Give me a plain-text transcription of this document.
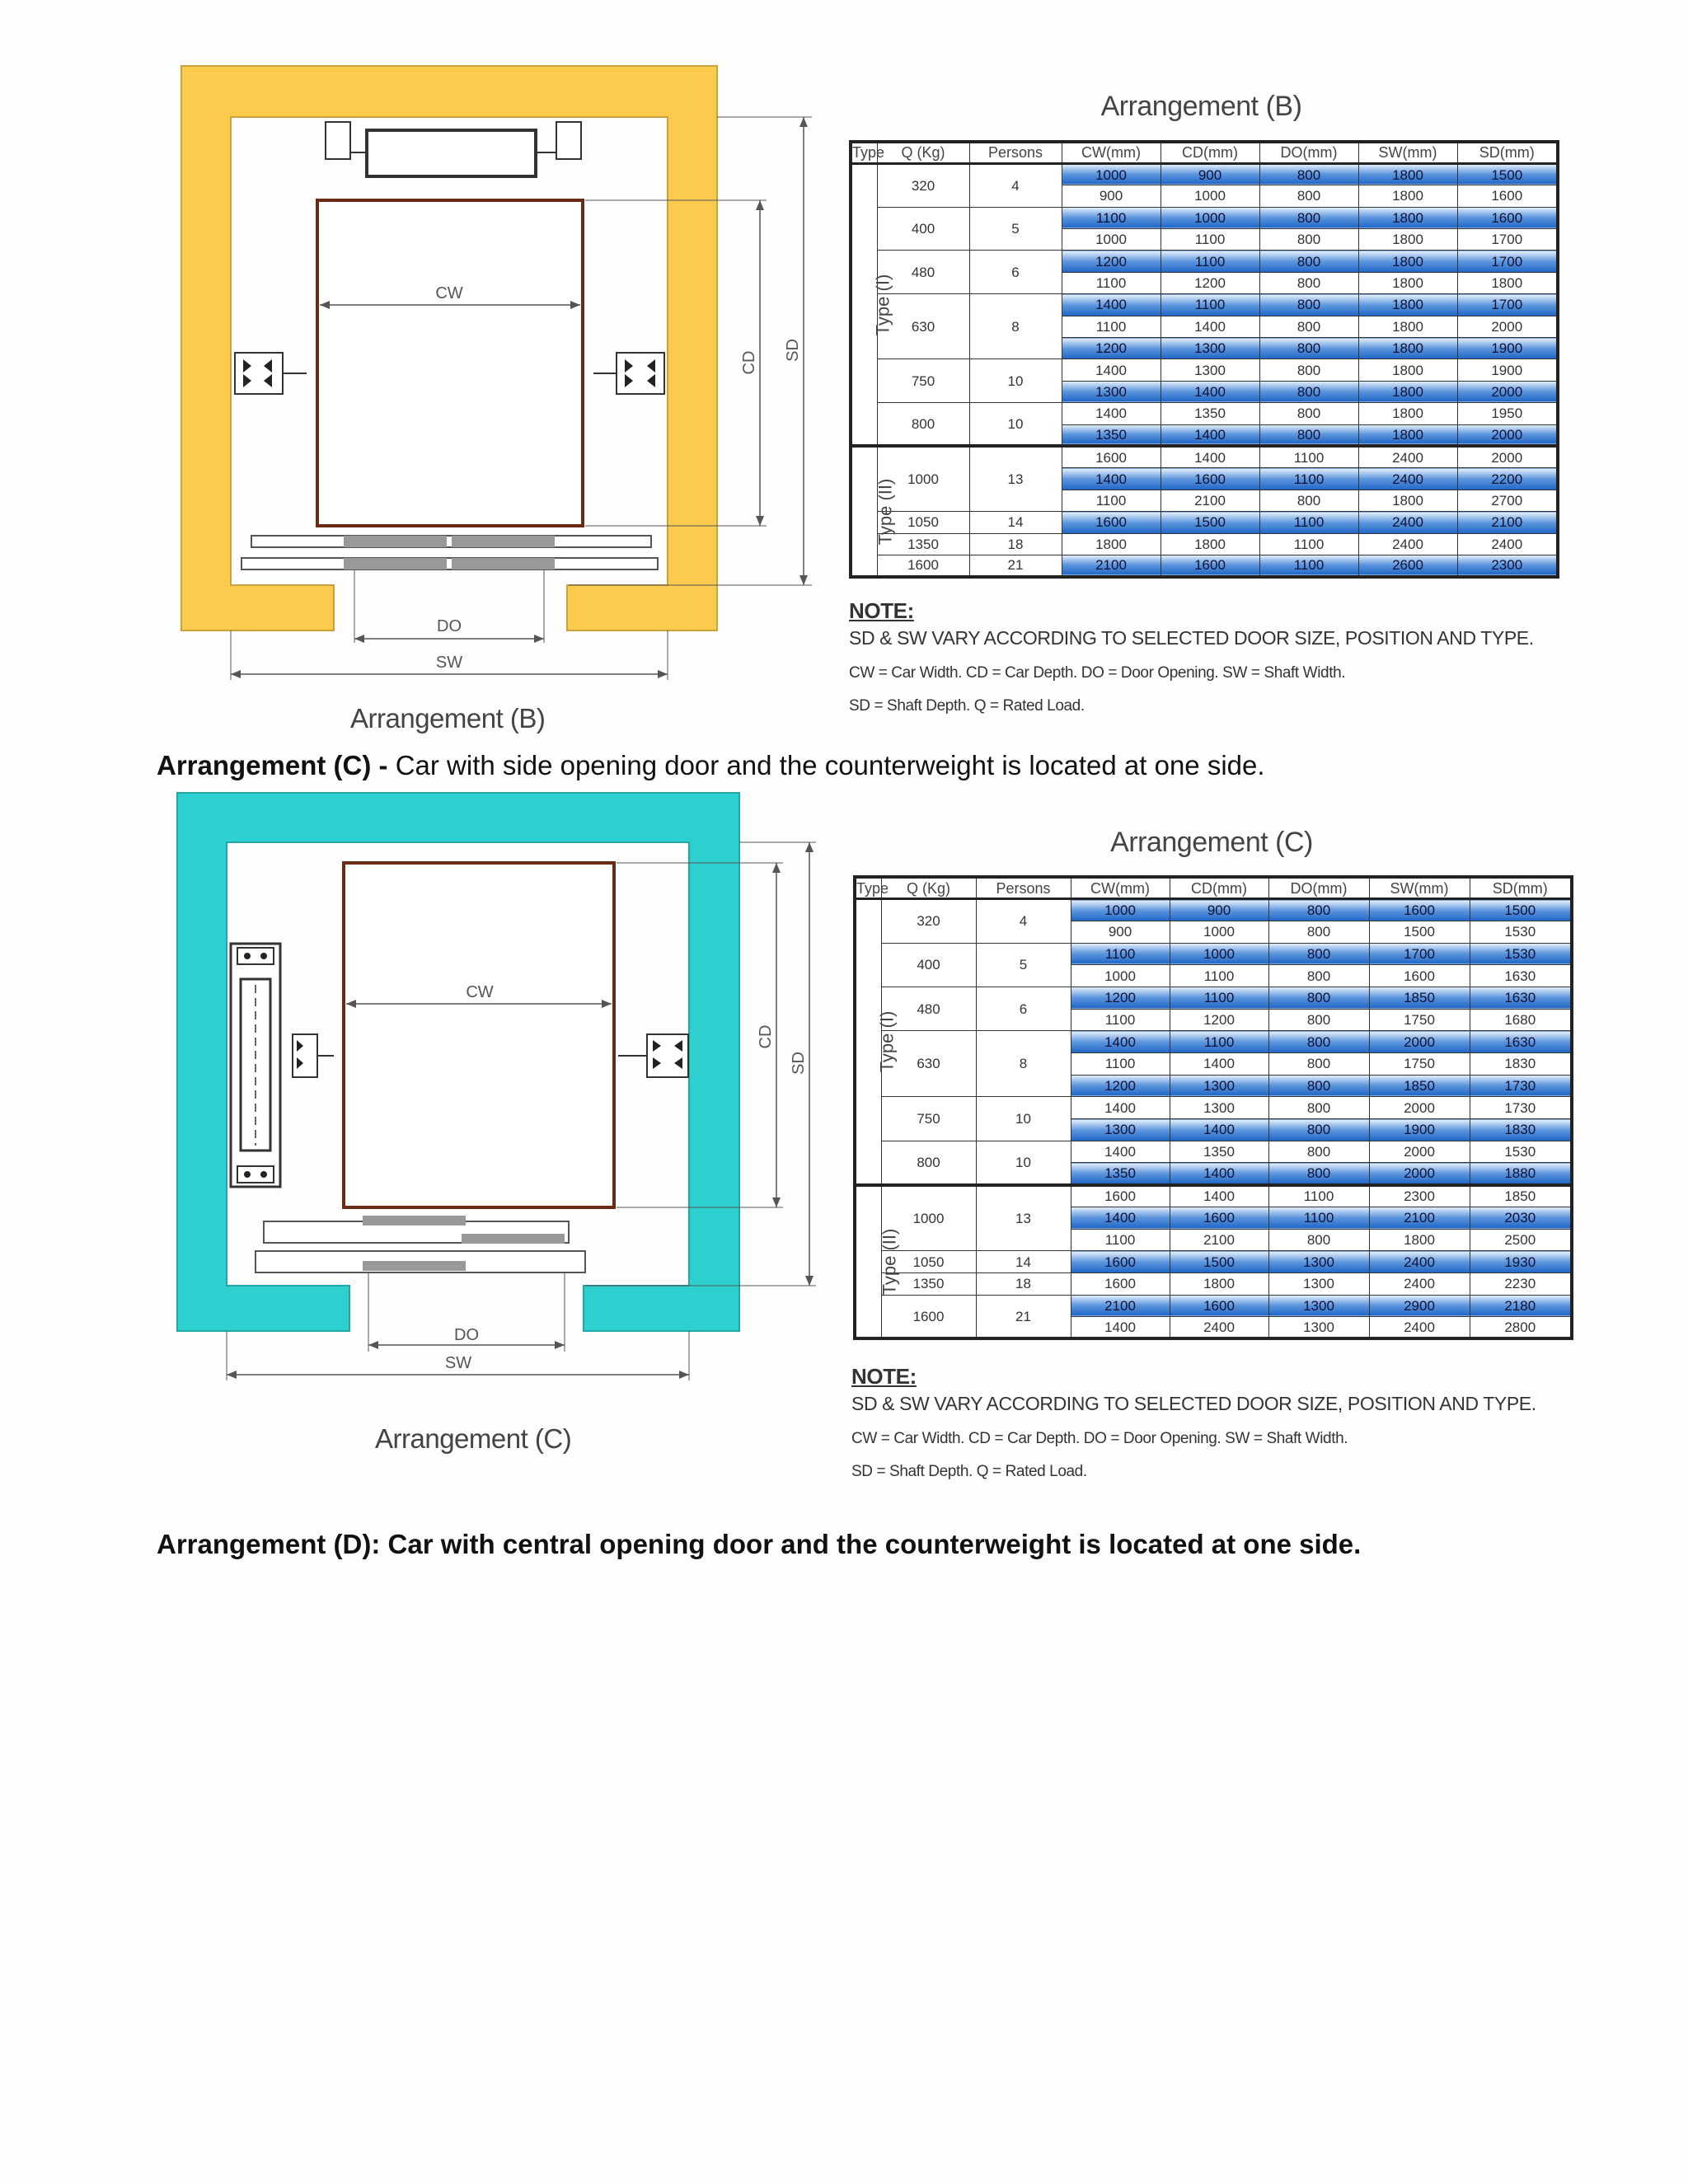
CW
CD
SD
DO
SW
Arrangement (B)
Arrangement (B)
Type	Q (Kg)	Persons	CW(mm)	CD(mm)	DO(mm)	SW(mm)	SD(mm)
Type (I)	320	4	1000	900	800	1800	1500
			900	1000	800	1800	1600
	400	5	1100	1000	800	1800	1600
			1000	1100	800	1800	1700
	480	6	1200	1100	800	1800	1700
			1100	1200	800	1800	1800
	630	8	1400	1100	800	1800	1700
			1100	1400	800	1800	2000
			1200	1300	800	1800	1900
	750	10	1400	1300	800	1800	1900
			1300	1400	800	1800	2000
	800	10	1400	1350	800	1800	1950
			1350	1400	800	1800	2000
Type (II)	1000	13	1600	1400	1100	2400	2000
			1400	1600	1100	2400	2200
			1100	2100	800	1800	2700
	1050	14	1600	1500	1100	2400	2100
	1350	18	1800	1800	1100	2400	2400
	1600	21	2100	1600	1100	2600	2300
NOTE:
SD & SW VARY ACCORDING TO SELECTED DOOR SIZE, POSITION AND TYPE.
CW = Car Width. CD = Car Depth. DO = Door Opening. SW = Shaft Width.
SD = Shaft Depth. Q = Rated Load.
Arrangement (C) - Car with side opening door and the counterweight is located at one side.
CW
CD
SD
DO
SW
Arrangement (C)
Arrangement (C)
Type	Q (Kg)	Persons	CW(mm)	CD(mm)	DO(mm)	SW(mm)	SD(mm)
Type (I)	320	4	1000	900	800	1600	1500
			900	1000	800	1500	1530
	400	5	1100	1000	800	1700	1530
			1000	1100	800	1600	1630
	480	6	1200	1100	800	1850	1630
			1100	1200	800	1750	1680
	630	8	1400	1100	800	2000	1630
			1100	1400	800	1750	1830
			1200	1300	800	1850	1730
	750	10	1400	1300	800	2000	1730
			1300	1400	800	1900	1830
	800	10	1400	1350	800	2000	1530
			1350	1400	800	2000	1880
Type (II)	1000	13	1600	1400	1100	2300	1850
			1400	1600	1100	2100	2030
			1100	2100	800	1800	2500
	1050	14	1600	1500	1300	2400	1930
	1350	18	1600	1800	1300	2400	2230
	1600	21	2100	1600	1300	2900	2180
			1400	2400	1300	2400	2800
NOTE:
SD & SW VARY ACCORDING TO SELECTED DOOR SIZE, POSITION AND TYPE.
CW = Car Width. CD = Car Depth. DO = Door Opening. SW = Shaft Width.
SD = Shaft Depth. Q = Rated Load.
Arrangement (D): Car with central opening door and the counterweight is located at one side.
